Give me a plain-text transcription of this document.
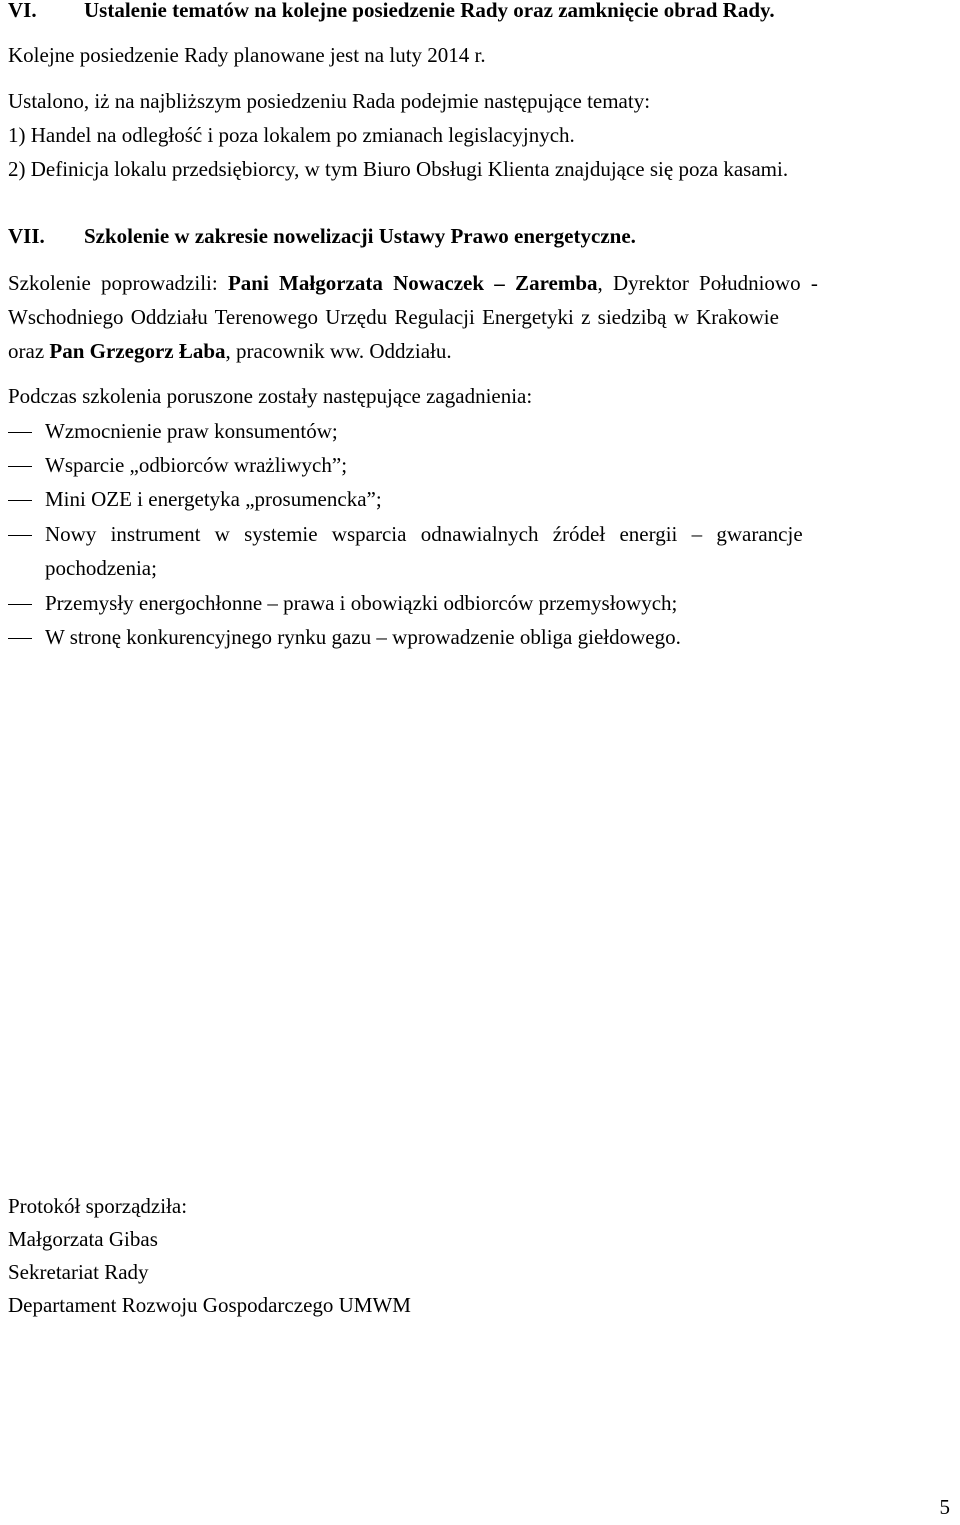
VI. Ustalenie tematów na kolejne posiedzenie Rady oraz zamknięcie obrad Rady.
Kolejne posiedzenie Rady planowane jest na luty 2014 r.
Ustalono, iż na najbliższym posiedzeniu Rada podejmie następujące tematy:
1) Handel na odległość i poza lokalem po zmianach legislacyjnych.
2) Definicja lokalu przedsiębiorcy, w tym Biuro Obsługi Klienta znajdujące się poza kasami.
VII. Szkolenie w zakresie nowelizacji Ustawy Prawo energetyczne.
Szkolenie poprowadzili: Pani Małgorzata Nowaczek – Zaremba, Dyrektor Południowo -
Wschodniego Oddziału Terenowego Urzędu Regulacji Energetyki z siedzibą w Krakowie
oraz Pan Grzegorz Łaba, pracownik ww. Oddziału.
Podczas szkolenia poruszone zostały następujące zagadnienia:
Wzmocnienie praw konsumentów;
Wsparcie „odbiorców wrażliwych”;
Mini OZE i energetyka „prosumencka”;
Nowy instrument w systemie wsparcia odnawialnych źródeł energii – gwarancje
pochodzenia;
Przemysły energochłonne – prawa i obowiązki odbiorców przemysłowych;
W stronę konkurencyjnego rynku gazu – wprowadzenie obliga giełdowego.
Protokół sporządziła:
Małgorzata Gibas
Sekretariat Rady
Departament Rozwoju Gospodarczego UMWM
5
